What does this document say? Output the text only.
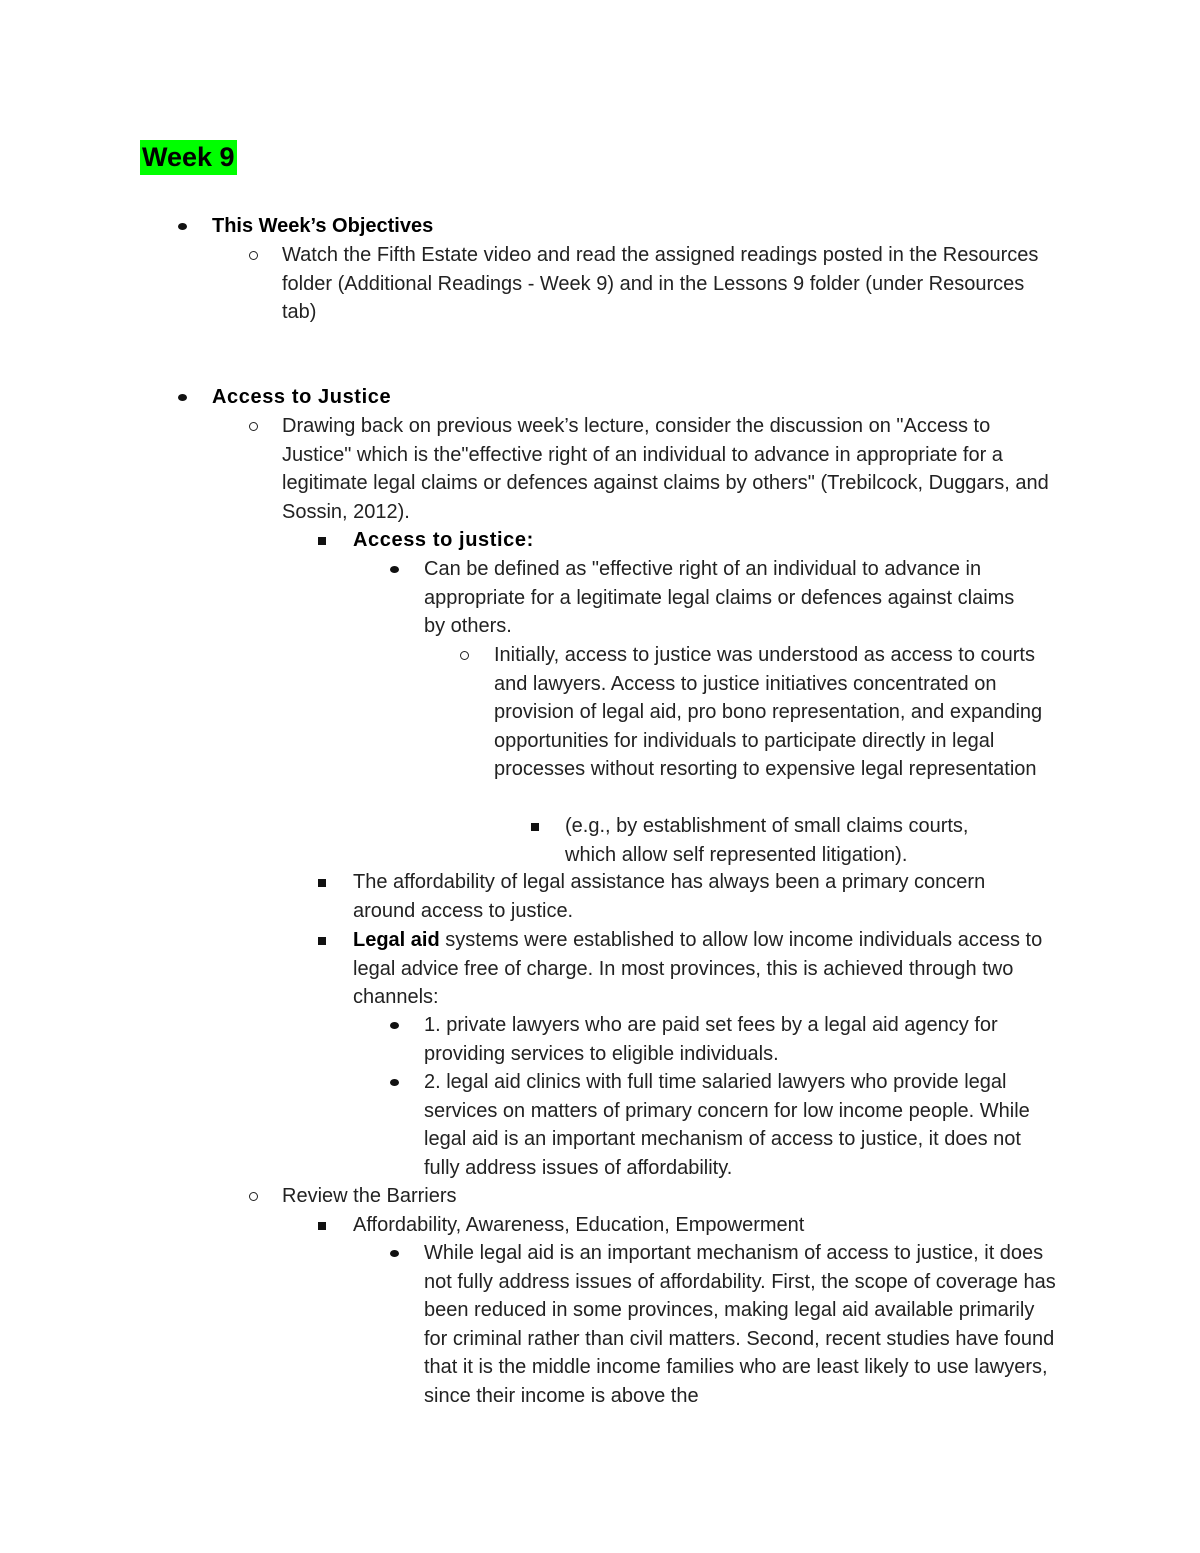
Week 9
This Week’s Objectives
Watch the Fifth Estate video and read the assigned readings posted in the Resources folder (Additional Readings - Week 9) and in the Lessons 9 folder (under Resources tab)
Access to Justice
Drawing back on previous week’s lecture, consider the discussion on "Access to Justice" which is the"effective right of an individual to advance in appropriate for a legitimate legal claims or defences against claims by others" (Trebilcock, Duggars, and Sossin, 2012).
Access to justice:
Can be defined as "effective right of an individual to advance in appropriate for a legitimate legal claims or defences against claims by others.
Initially, access to justice was understood as access to courts and lawyers. Access to justice initiatives concentrated on provision of legal aid, pro bono representation, and expanding opportunities for individuals to participate directly in legal processes without resorting to expensive legal representation
(e.g., by establishment of small claims courts, which allow self represented litigation).
The affordability of legal assistance has always been a primary concern around access to justice.
Legal aid systems were established to allow low income individuals access to legal advice free of charge. In most provinces, this is achieved through two channels:
1. private lawyers who are paid set fees by a legal aid agency for providing services to eligible individuals.
2. legal aid clinics with full time salaried lawyers who provide legal services on matters of primary concern for low income people. While legal aid is an important mechanism of access to justice, it does not fully address issues of affordability.
Review the Barriers
Affordability, Awareness, Education, Empowerment
While legal aid is an important mechanism of access to justice, it does not fully address issues of affordability. First, the scope of coverage has been reduced in some provinces, making legal aid available primarily for criminal rather than civil matters. Second, recent studies have found that it is the middle income families who are least likely to use lawyers, since their income is above the
